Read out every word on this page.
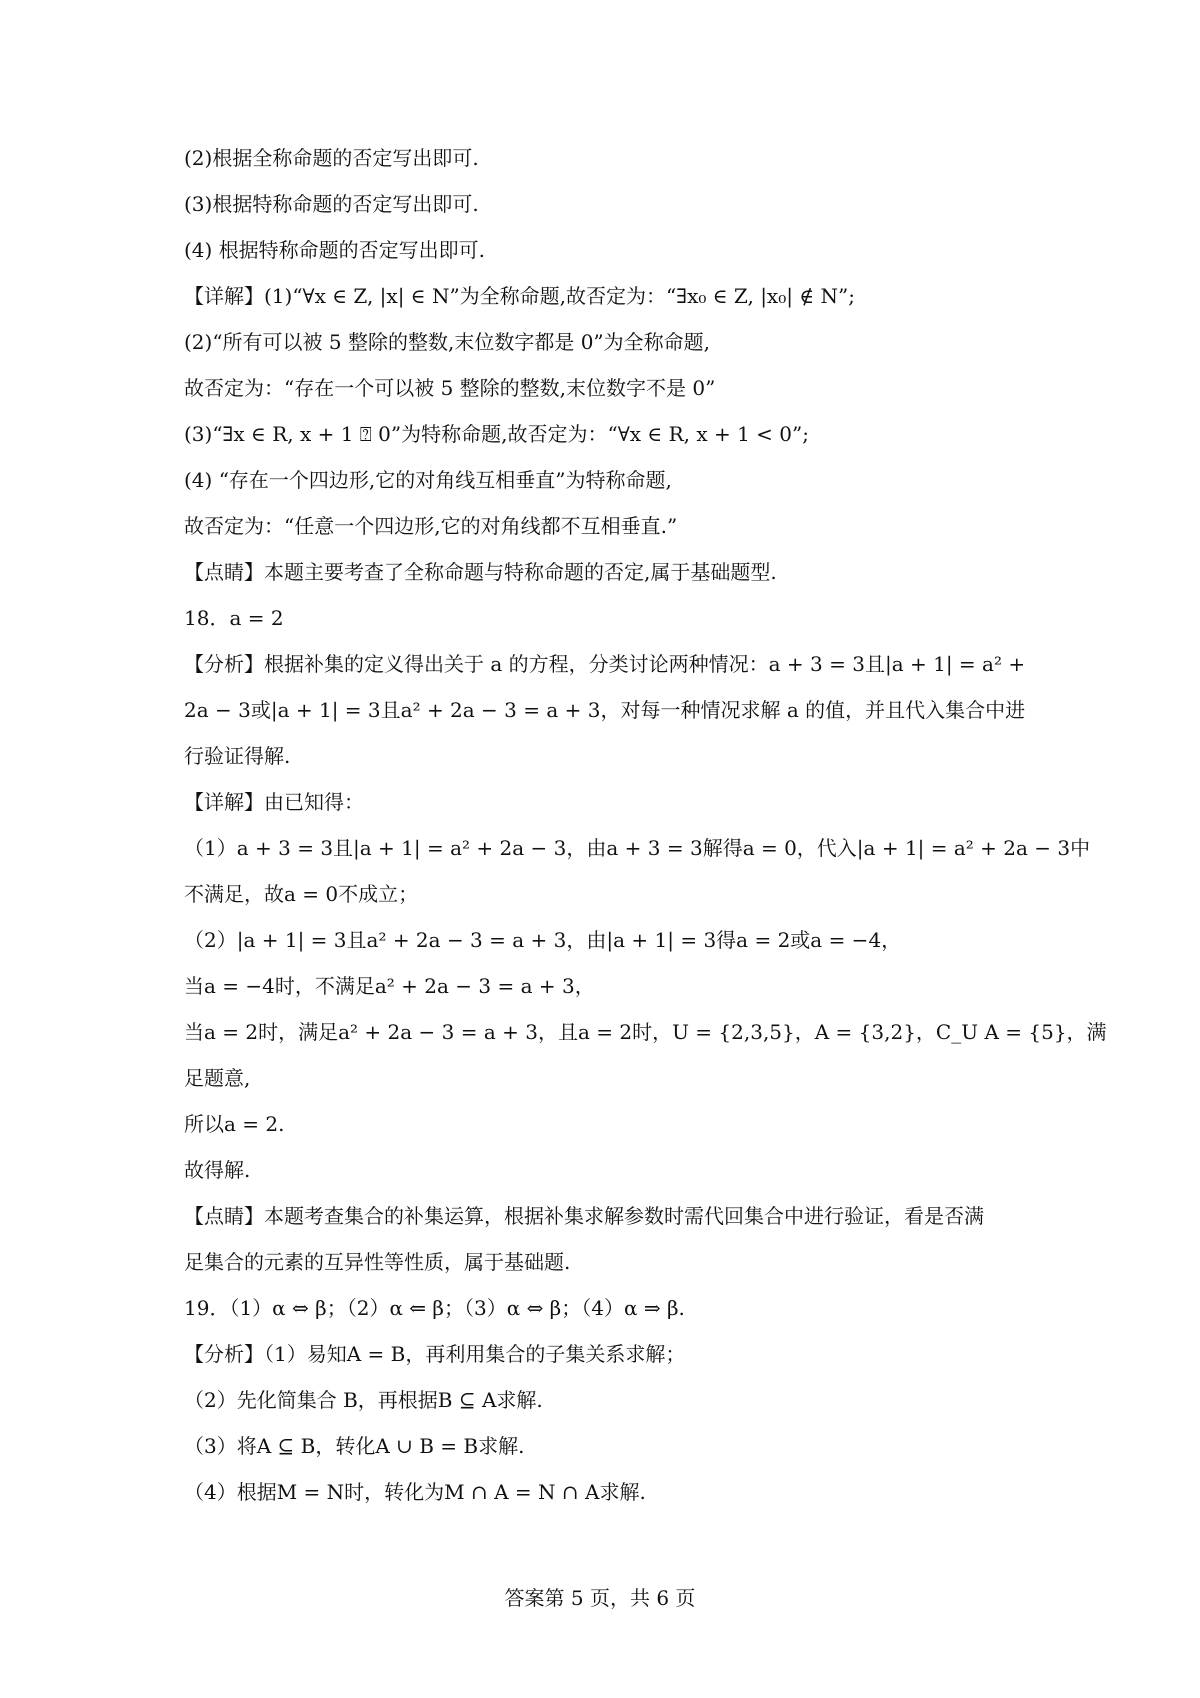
(2)根据全称命题的否定写出即可.
(3)根据特称命题的否定写出即可.
(4) 根据特称命题的否定写出即可.
【详解】(1)“∀x ∈ Z, |x| ∈ N”为全称命题,故否定为：“∃x₀ ∈ Z, |x₀| ∉ N”;
(2)“所有可以被 5 整除的整数,末位数字都是 0”为全称命题,
故否定为：“存在一个可以被 5 整除的整数,末位数字不是 0”
(3)“∃x ∈ R, x + 1 ⍰ 0”为特称命题,故否定为：“∀x ∈ R, x + 1 < 0”;
(4) “存在一个四边形,它的对角线互相垂直”为特称命题,
故否定为：“任意一个四边形,它的对角线都不互相垂直.”
【点睛】本题主要考查了全称命题与特称命题的否定,属于基础题型.
18．a = 2
【分析】根据补集的定义得出关于 a 的方程，分类讨论两种情况：a + 3 = 3且|a + 1| = a² +
2a − 3或|a + 1| = 3且a² + 2a − 3 = a + 3，对每一种情况求解 a 的值，并且代入集合中进
行验证得解.
【详解】由已知得：
（1）a + 3 = 3且|a + 1| = a² + 2a − 3，由a + 3 = 3解得a = 0，代入|a + 1| = a² + 2a − 3中
不满足，故a = 0不成立；
（2）|a + 1| = 3且a² + 2a − 3 = a + 3，由|a + 1| = 3得a = 2或a = −4，
当a = −4时，不满足a² + 2a − 3 = a + 3，
当a = 2时，满足a² + 2a − 3 = a + 3，且a = 2时，U = {2,3,5}，A = {3,2}，C_U A = {5}，满
足题意,
所以a = 2.
故得解.
【点睛】本题考查集合的补集运算，根据补集求解参数时需代回集合中进行验证，看是否满
足集合的元素的互异性等性质，属于基础题.
19．（1）α ⇔ β；（2）α ⇐ β；（3）α ⇔ β；（4）α ⇒ β.
【分析】（1）易知A = B，再利用集合的子集关系求解；
（2）先化简集合 B，再根据B ⊆ A求解.
（3）将A ⊆ B，转化A ∪ B = B求解.
（4）根据M = N时，转化为M ∩ A = N ∩ A求解.
答案第 5 页，共 6 页
